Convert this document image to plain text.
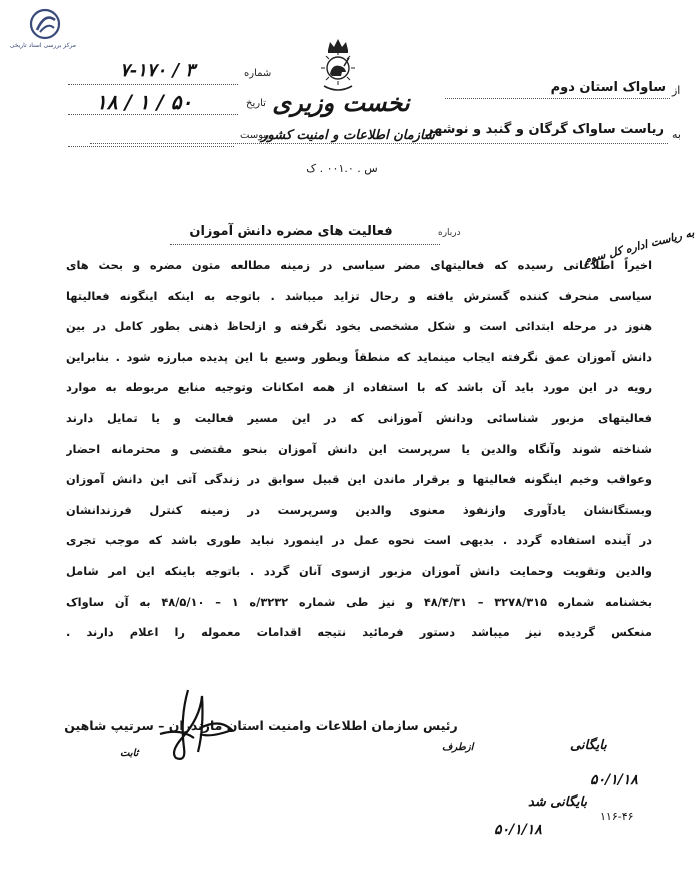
مرکز بررسی اسناد تاریخی
شماره
۷-۱۷۰ / ۳
تاریخ
۱۸ / ۱ / ۵۰
پیوست
نخست وزیری
سازمان اطلاعات و امنیت کشور
س . ۰۰۱.۰ . ک
از
ساواک استان دوم
به
ریاست ساواک گرگان و گنبد و نوشهر
درباره
فعالیت های مضره دانش آموزان	به ریاست اداره کل سوم
اخیراً اطلاعاتی رسیده که فعالیتهای مضر سیاسی در زمینه مطالعه متون مضره و بحث های
سیاسی منحرف کننده گسترش یافته و رحال تزاید میباشد . باتوجه به اینکه اینگونه فعالیتها
هنوز در مرحله ابتدائی است و شکل مشخصی بخود نگرفته و ازلحاظ ذهنی بطور کامل در بین
دانش آموزان عمق نگرفته ایجاب مینماید که منطقاً وبطور وسیع با این پدیده مبارزه شود . بنابراین
رویه در این مورد باید آن باشد که با استفاده از همه امکانات وتوجیه منابع مربوطه به موارد
فعالیتهای مزبور شناسائی ودانش آموزانی که در این مسیر فعالیت و یا تمایل دارند
شناخته شوند وآنگاه والدین یا سرپرست این دانش آموزان بنحو مقتضی و محترمانه احضار
وعواقب وخیم اینگونه فعالیتها و برقرار ماندن این قبیل سوابق در زندگی آتی این دانش آموزان
وبستگانشان یادآوری وازنفوذ معنوی والدین وسرپرست در زمینه کنترل فرزندانشان
در آینده استفاده گردد . بدیهی است نحوه عمل در اینمورد نباید طوری باشد که موجب تجری
والدین وتقویت وحمایت دانش آموزان مزبور ازسوی آنان گردد . باتوجه باینکه این امر شامل
بخشنامه شماره ۳۲۷۸/۳۱۵ – ۴۸/۴/۳۱ و نیز طی شماره ۳۲۳۲/ه ۱ – ۴۸/۵/۱۰ به آن ساواک
منعکس گردیده نیز میباشد دستور فرمائید نتیجه اقدامات معموله را اعلام دارند .
رئیس سازمان اطلاعات وامنیت استان مازندران – سرتیپ شاهین
ثابت
ازطرف	بایگانی
۵۰/۱/۱۸
بایگانی شد
۵۰/۱/۱۸
۱۱۶-۴۶
